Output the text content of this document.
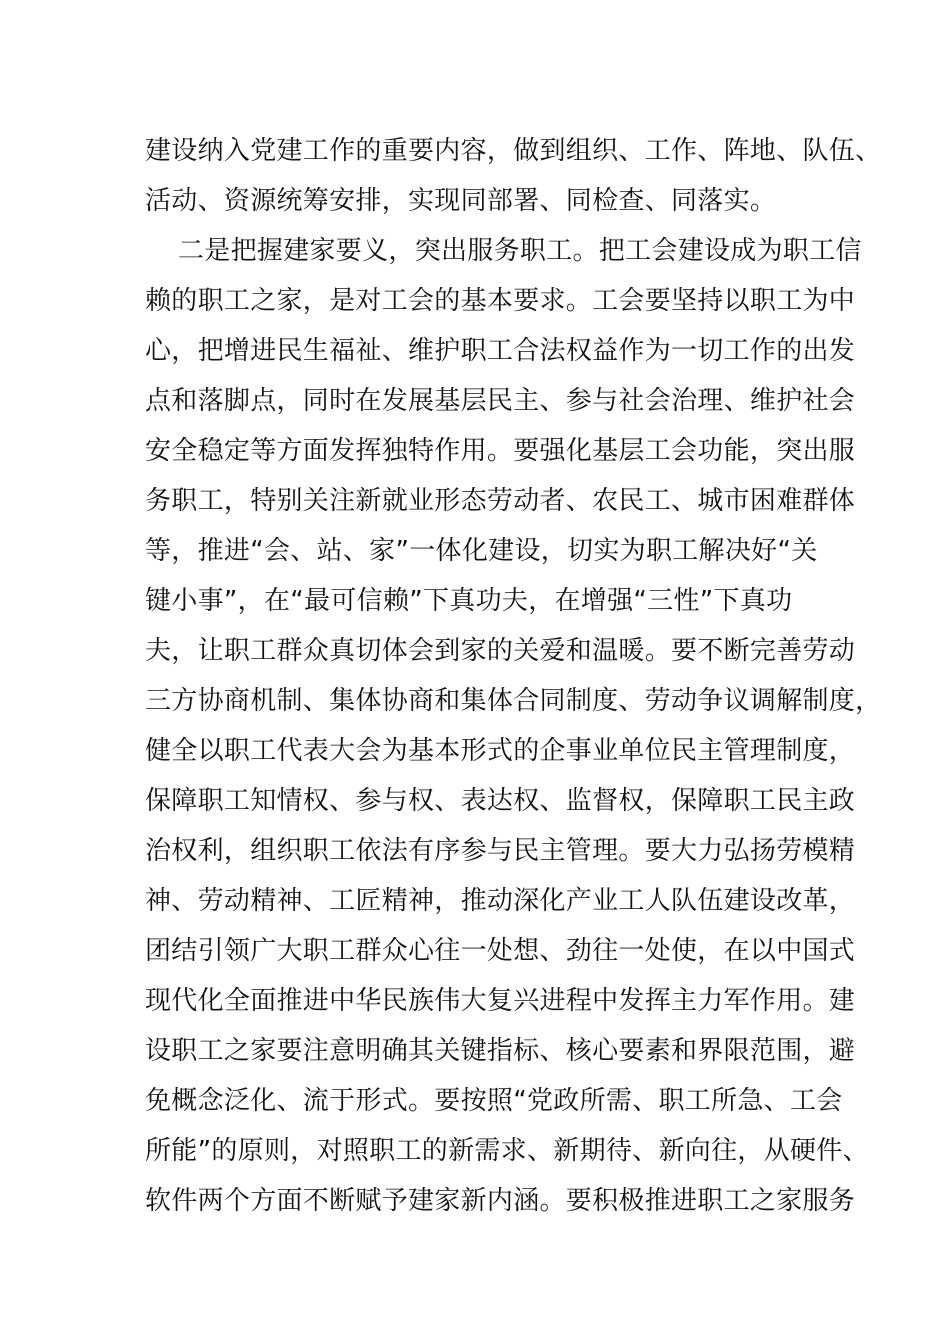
建设纳入党建工作的重要内容，做到组织、工作、阵地、队伍、
活动、资源统筹安排，实现同部署、同检查、同落实。
二是把握建家要义，突出服务职工。把工会建设成为职工信
赖的职工之家，是对工会的基本要求。工会要坚持以职工为中
心，把增进民生福祉、维护职工合法权益作为一切工作的出发
点和落脚点，同时在发展基层民主、参与社会治理、维护社会
安全稳定等方面发挥独特作用。要强化基层工会功能，突出服
务职工，特别关注新就业形态劳动者、农民工、城市困难群体
等，推进“会、站、家”一体化建设，切实为职工解决好“关
键小事”，在“最可信赖”下真功夫，在增强“三性”下真功
夫，让职工群众真切体会到家的关爱和温暖。要不断完善劳动
三方协商机制、集体协商和集体合同制度、劳动争议调解制度，
健全以职工代表大会为基本形式的企事业单位民主管理制度，
保障职工知情权、参与权、表达权、监督权，保障职工民主政
治权利，组织职工依法有序参与民主管理。要大力弘扬劳模精
神、劳动精神、工匠精神，推动深化产业工人队伍建设改革，
团结引领广大职工群众心往一处想、劲往一处使，在以中国式
现代化全面推进中华民族伟大复兴进程中发挥主力军作用。建
设职工之家要注意明确其关键指标、核心要素和界限范围，避
免概念泛化、流于形式。要按照“党政所需、职工所急、工会
所能”的原则，对照职工的新需求、新期待、新向往，从硬件、
软件两个方面不断赋予建家新内涵。要积极推进职工之家服务
